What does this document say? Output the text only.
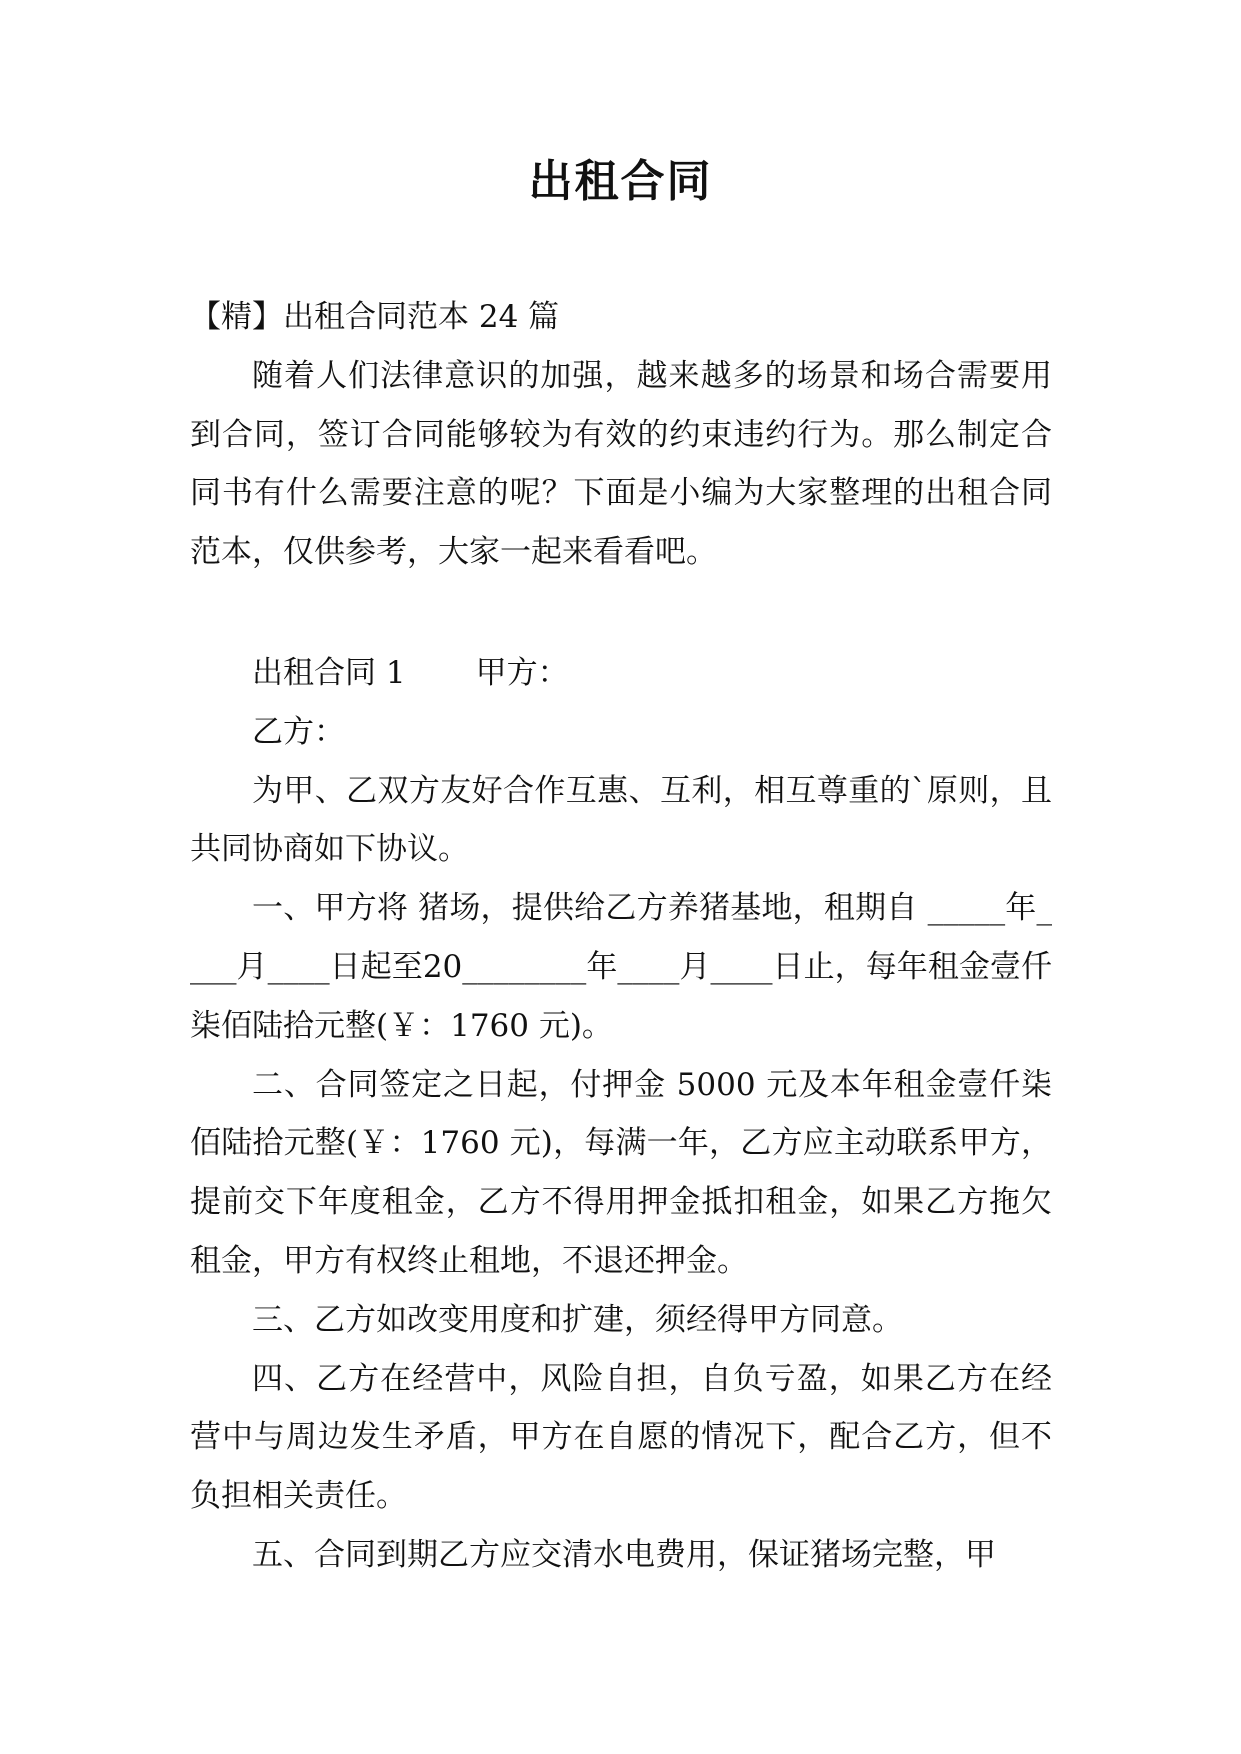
出租合同

【精】出租合同范本 24 篇

随着人们法律意识的加强，越来越多的场景和场合需要用到合同，签订合同能够较为有效的约束违约行为。那么制定合同书有什么需要注意的呢？下面是小编为大家整理的出租合同范本，仅供参考，大家一起来看看吧。

出租合同 1 甲方：

乙方：

为甲、乙双方友好合作互惠、互利，相互尊重的`原则，且共同协商如下协议。

一、甲方将 猪场，提供给乙方养猪基地，租期自 _____年____月____日起至20________年____月____日止，每年租金壹仟柒佰陆拾元整(￥：1760 元)。

二、合同签定之日起，付押金 5000 元及本年租金壹仟柒佰陆拾元整(￥：1760 元)，每满一年，乙方应主动联系甲方，提前交下年度租金，乙方不得用押金抵扣租金，如果乙方拖欠租金，甲方有权终止租地，不退还押金。

三、乙方如改变用度和扩建，须经得甲方同意。

四、乙方在经营中，风险自担，自负亏盈，如果乙方在经营中与周边发生矛盾，甲方在自愿的情况下，配合乙方，但不负担相关责任。

五、合同到期乙方应交清水电费用，保证猪场完整，甲
